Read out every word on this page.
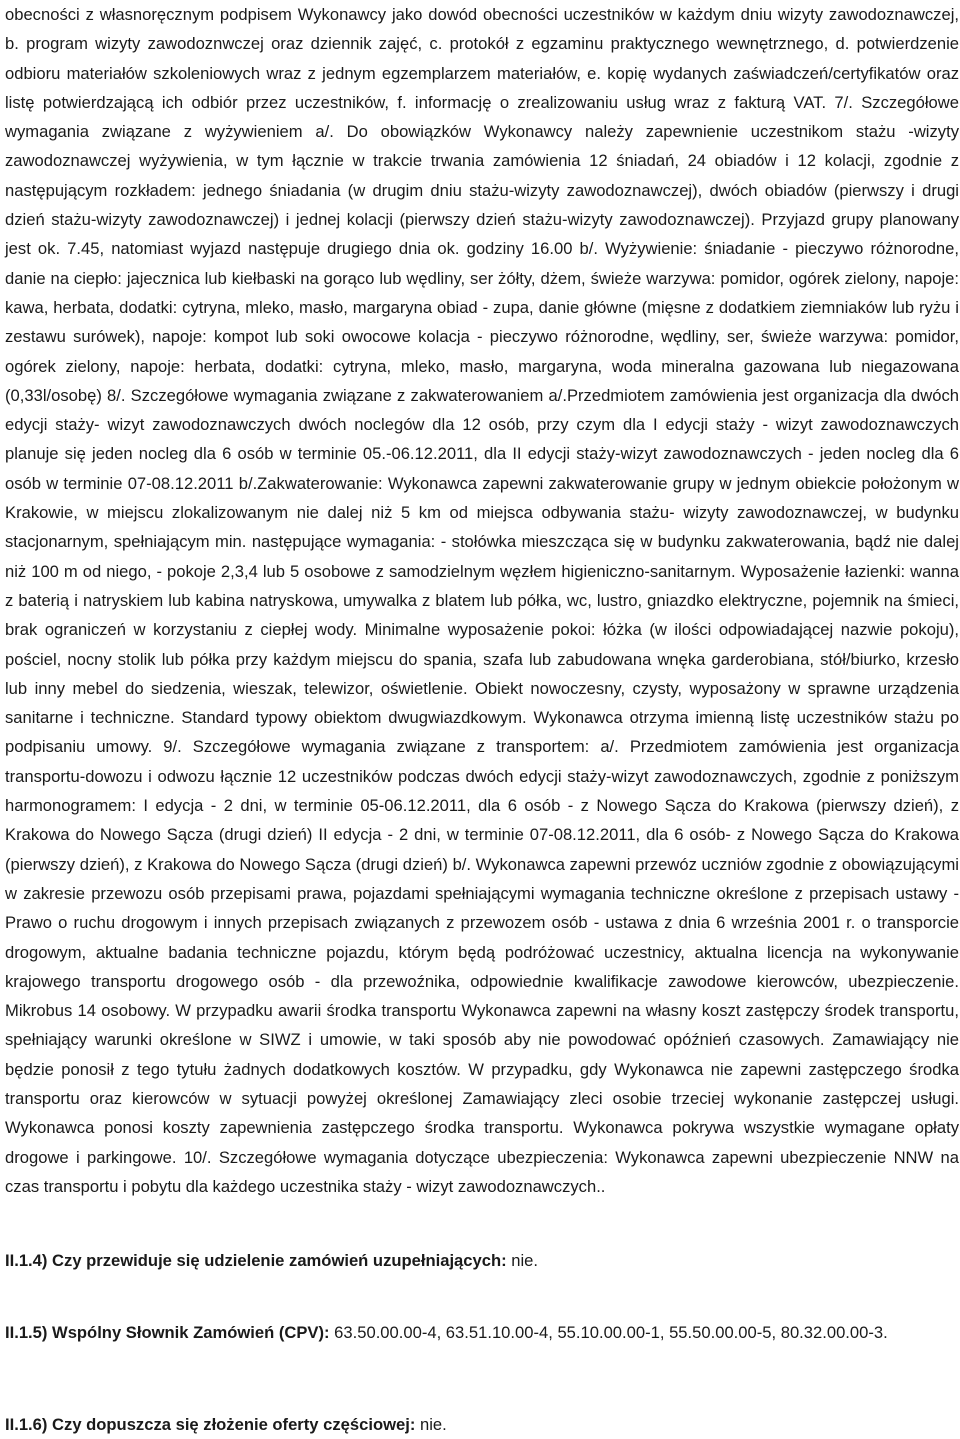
obecności z własnoręcznym podpisem Wykonawcy jako dowód obecności uczestników w każdym dniu wizyty zawodoznawczej, b. program wizyty zawodoznwczej oraz dziennik zajęć, c. protokół z egzaminu praktycznego wewnętrznego, d. potwierdzenie odbioru materiałów szkoleniowych wraz z jednym egzemplarzem materiałów, e. kopię wydanych zaświadczeń/certyfikatów oraz listę potwierdzającą ich odbiór przez uczestników, f. informację o zrealizowaniu usług wraz z fakturą VAT. 7/. Szczegółowe wymagania związane z wyżywieniem a/. Do obowiązków Wykonawcy należy zapewnienie uczestnikom stażu -wizyty zawodoznawczej wyżywienia, w tym łącznie w trakcie trwania zamówienia 12 śniadań, 24 obiadów i 12 kolacji, zgodnie z następującym rozkładem: jednego śniadania (w drugim dniu stażu-wizyty zawodoznawczej), dwóch obiadów (pierwszy i drugi dzień stażu-wizyty zawodoznawczej) i jednej kolacji (pierwszy dzień stażu-wizyty zawodoznawczej). Przyjazd grupy planowany jest ok. 7.45, natomiast wyjazd następuje drugiego dnia ok. godziny 16.00 b/. Wyżywienie: śniadanie - pieczywo różnorodne, danie na ciepło: jajecznica lub kiełbaski na gorąco lub wędliny, ser żółty, dżem, świeże warzywa: pomidor, ogórek zielony, napoje: kawa, herbata, dodatki: cytryna, mleko, masło, margaryna obiad - zupa, danie główne (mięsne z dodatkiem ziemniaków lub ryżu i zestawu surówek), napoje: kompot lub soki owocowe kolacja - pieczywo różnorodne, wędliny, ser, świeże warzywa: pomidor, ogórek zielony, napoje: herbata, dodatki: cytryna, mleko, masło, margaryna, woda mineralna gazowana lub niegazowana (0,33l/osobę) 8/. Szczegółowe wymagania związane z zakwaterowaniem a/.Przedmiotem zamówienia jest organizacja dla dwóch edycji staży- wizyt zawodoznawczych dwóch noclegów dla 12 osób, przy czym dla I edycji staży - wizyt zawodoznawczych planuje się jeden nocleg dla 6 osób w terminie 05.-06.12.2011, dla II edycji staży-wizyt zawodoznawczych - jeden nocleg dla 6 osób w terminie 07-08.12.2011 b/.Zakwaterowanie: Wykonawca zapewni zakwaterowanie grupy w jednym obiekcie położonym w Krakowie, w miejscu zlokalizowanym nie dalej niż 5 km od miejsca odbywania stażu- wizyty zawodoznawczej, w budynku stacjonarnym, spełniającym min. następujące wymagania: - stołówka mieszcząca się w budynku zakwaterowania, bądź nie dalej niż 100 m od niego, - pokoje 2,3,4 lub 5 osobowe z samodzielnym węzłem higieniczno-sanitarnym. Wyposażenie łazienki: wanna z baterią i natryskiem lub kabina natryskowa, umywalka z blatem lub półka, wc, lustro, gniazdko elektryczne, pojemnik na śmieci, brak ograniczeń w korzystaniu z ciepłej wody. Minimalne wyposażenie pokoi: łóżka (w ilości odpowiadającej nazwie pokoju), pościel, nocny stolik lub półka przy każdym miejscu do spania, szafa lub zabudowana wnęka garderobiana, stół/biurko, krzesło lub inny mebel do siedzenia, wieszak, telewizor, oświetlenie. Obiekt nowoczesny, czysty, wyposażony w sprawne urządzenia sanitarne i techniczne. Standard typowy obiektom dwugwiazdkowym. Wykonawca otrzyma imienną listę uczestników stażu po podpisaniu umowy. 9/. Szczegółowe wymagania związane z transportem: a/. Przedmiotem zamówienia jest organizacja transportu-dowozu i odwozu łącznie 12 uczestników podczas dwóch edycji staży-wizyt zawodoznawczych, zgodnie z poniższym harmonogramem: I edycja - 2 dni, w terminie 05-06.12.2011, dla 6 osób - z Nowego Sącza do Krakowa (pierwszy dzień), z Krakowa do Nowego Sącza (drugi dzień) II edycja - 2 dni, w terminie 07-08.12.2011, dla 6 osób- z Nowego Sącza do Krakowa (pierwszy dzień), z Krakowa do Nowego Sącza (drugi dzień) b/. Wykonawca zapewni przewóz uczniów zgodnie z obowiązującymi w zakresie przewozu osób przepisami prawa, pojazdami spełniającymi wymagania techniczne określone z przepisach ustawy - Prawo o ruchu drogowym i innych przepisach związanych z przewozem osób - ustawa z dnia 6 września 2001 r. o transporcie drogowym, aktualne badania techniczne pojazdu, którym będą podróżować uczestnicy, aktualna licencja na wykonywanie krajowego transportu drogowego osób - dla przewoźnika, odpowiednie kwalifikacje zawodowe kierowców, ubezpieczenie. Mikrobus 14 osobowy. W przypadku awarii środka transportu Wykonawca zapewni na własny koszt zastępczy środek transportu, spełniający warunki określone w SIWZ i umowie, w taki sposób aby nie powodować opóźnień czasowych. Zamawiający nie będzie ponosił z tego tytułu żadnych dodatkowych kosztów. W przypadku, gdy Wykonawca nie zapewni zastępczego środka transportu oraz kierowców w sytuacji powyżej określonej Zamawiający zleci osobie trzeciej wykonanie zastępczej usługi. Wykonawca ponosi koszty zapewnienia zastępczego środka transportu. Wykonawca pokrywa wszystkie wymagane opłaty drogowe i parkingowe. 10/. Szczegółowe wymagania dotyczące ubezpieczenia: Wykonawca zapewni ubezpieczenie NNW na czas transportu i pobytu dla każdego uczestnika staży - wizyt zawodoznawczych..

II.1.4) Czy przewiduje się udzielenie zamówień uzupełniających: nie.

II.1.5) Wspólny Słownik Zamówień (CPV): 63.50.00.00-4, 63.51.10.00-4, 55.10.00.00-1, 55.50.00.00-5, 80.32.00.00-3.

II.1.6) Czy dopuszcza się złożenie oferty częściowej: nie.
